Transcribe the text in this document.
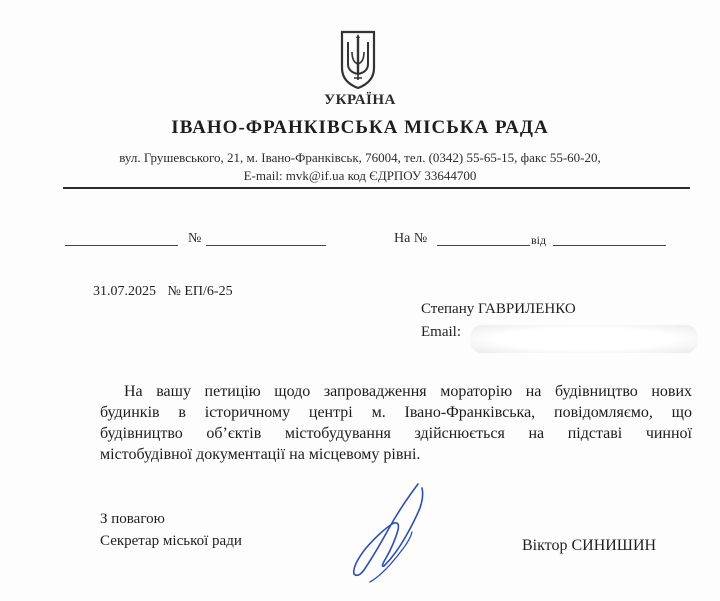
УКРАЇНА
ІВАНО-ФРАНКІВСЬКА МІСЬКА РАДА
вул. Грушевського, 21, м. Івано-Франківськ, 76004, тел. (0342) 55-65-15, факс 55-60-20,
E-mail: mvk@if.ua код ЄДРПОУ 33644700
№	На №	від
31.07.2025 № ЕП/6-25
Степану ГАВРИЛЕНКО
Email:
На вашу петицію щодо запровадження мораторію на будівництво нових
будинків в історичному центрі м. Івано-Франківська, повідомляємо, що
будівництво об’єктів містобудування здійснюється на підставі чинної
містобудівної документації на місцевому рівні.
З повагою
Секретар міської ради	Віктор СИНИШИН
